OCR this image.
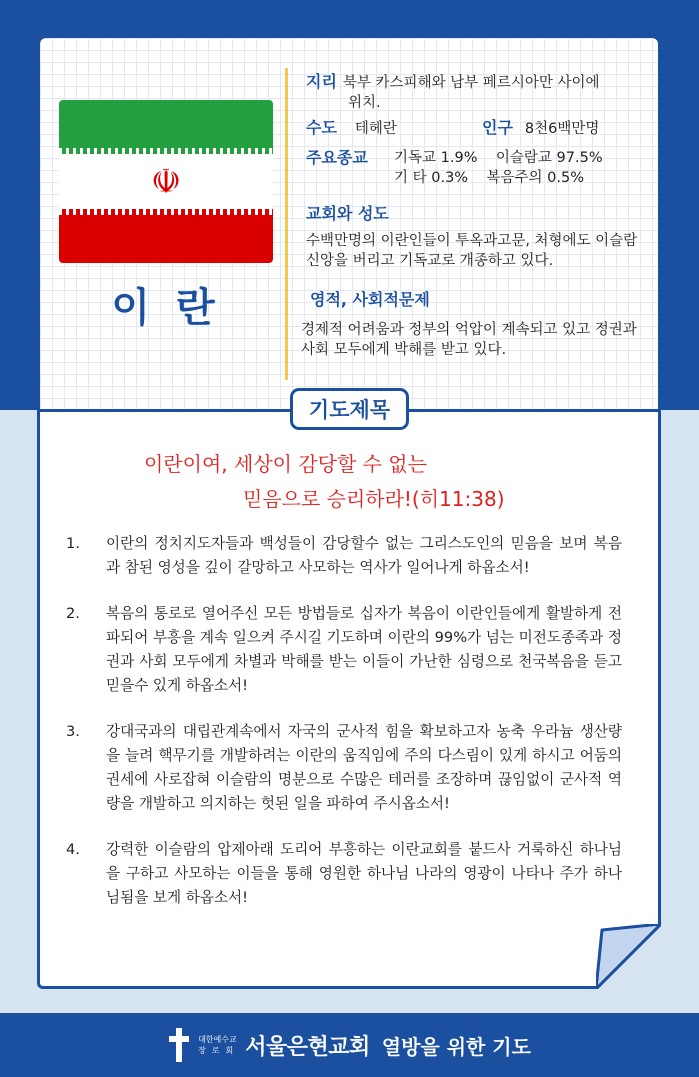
☫
이 란
지리 북부 카스피해와 남부 페르시아만 사이에
위치.
수도 테헤란	인구 8천6백만명
주요종교	기독교 1.9%    이슬람교 97.5%
기 타 0.3%    복음주의 0.5%
교회와 성도
수백만명의 이란인들이 투옥과고문, 처형에도 이슬람 신앙을 버리고 기독교로 개종하고 있다.
영적, 사회적문제
경제적 어려움과 정부의 억압이 계속되고 있고 정권과 사회 모두에게 박해를 받고 있다.
기도제목
이란이여, 세상이 감당할 수 없는
믿음으로 승리하라!(히11:38)
1.	이란의 정치지도자들과 백성들이 감당할수 없는 그리스도인의 믿음을 보며 복음과 참된 영성을 깊이 갈망하고 사모하는 역사가 일어나게 하옵소서!
2.	복음의 통로로 열어주신 모든 방법들로 십자가 복음이 이란인들에게 활발하게 전파되어 부흥을 계속 일으켜 주시길 기도하며 이란의 99%가 넘는 미전도종족과 정권과 사회 모두에게 차별과 박해를 받는 이들이 가난한 심령으로 천국복음을 듣고 믿을수 있게 하옵소서!
3.	강대국과의 대립관계속에서 자국의 군사적 힘을 확보하고자 농축 우라늄 생산량을 늘려 핵무기를 개발하려는 이란의 움직임에 주의 다스림이 있게 하시고 어둠의 권세에 사로잡혀 이슬람의 명분으로 수많은 테러를 조장하며 끊임없이 군사적 역량을 개발하고 의지하는 헛된 일을 파하여 주시옵소서!
4.	강력한 이슬람의 압제아래 도리어 부흥하는 이란교회를 붙드사 거룩하신 하나님을 구하고 사모하는 이들을 통해 영원한 하나님 나라의 영광이 나타나 주가 하나님됨을 보게 하옵소서!
대한예수교
장로회 서울은현교회 열방을 위한 기도
